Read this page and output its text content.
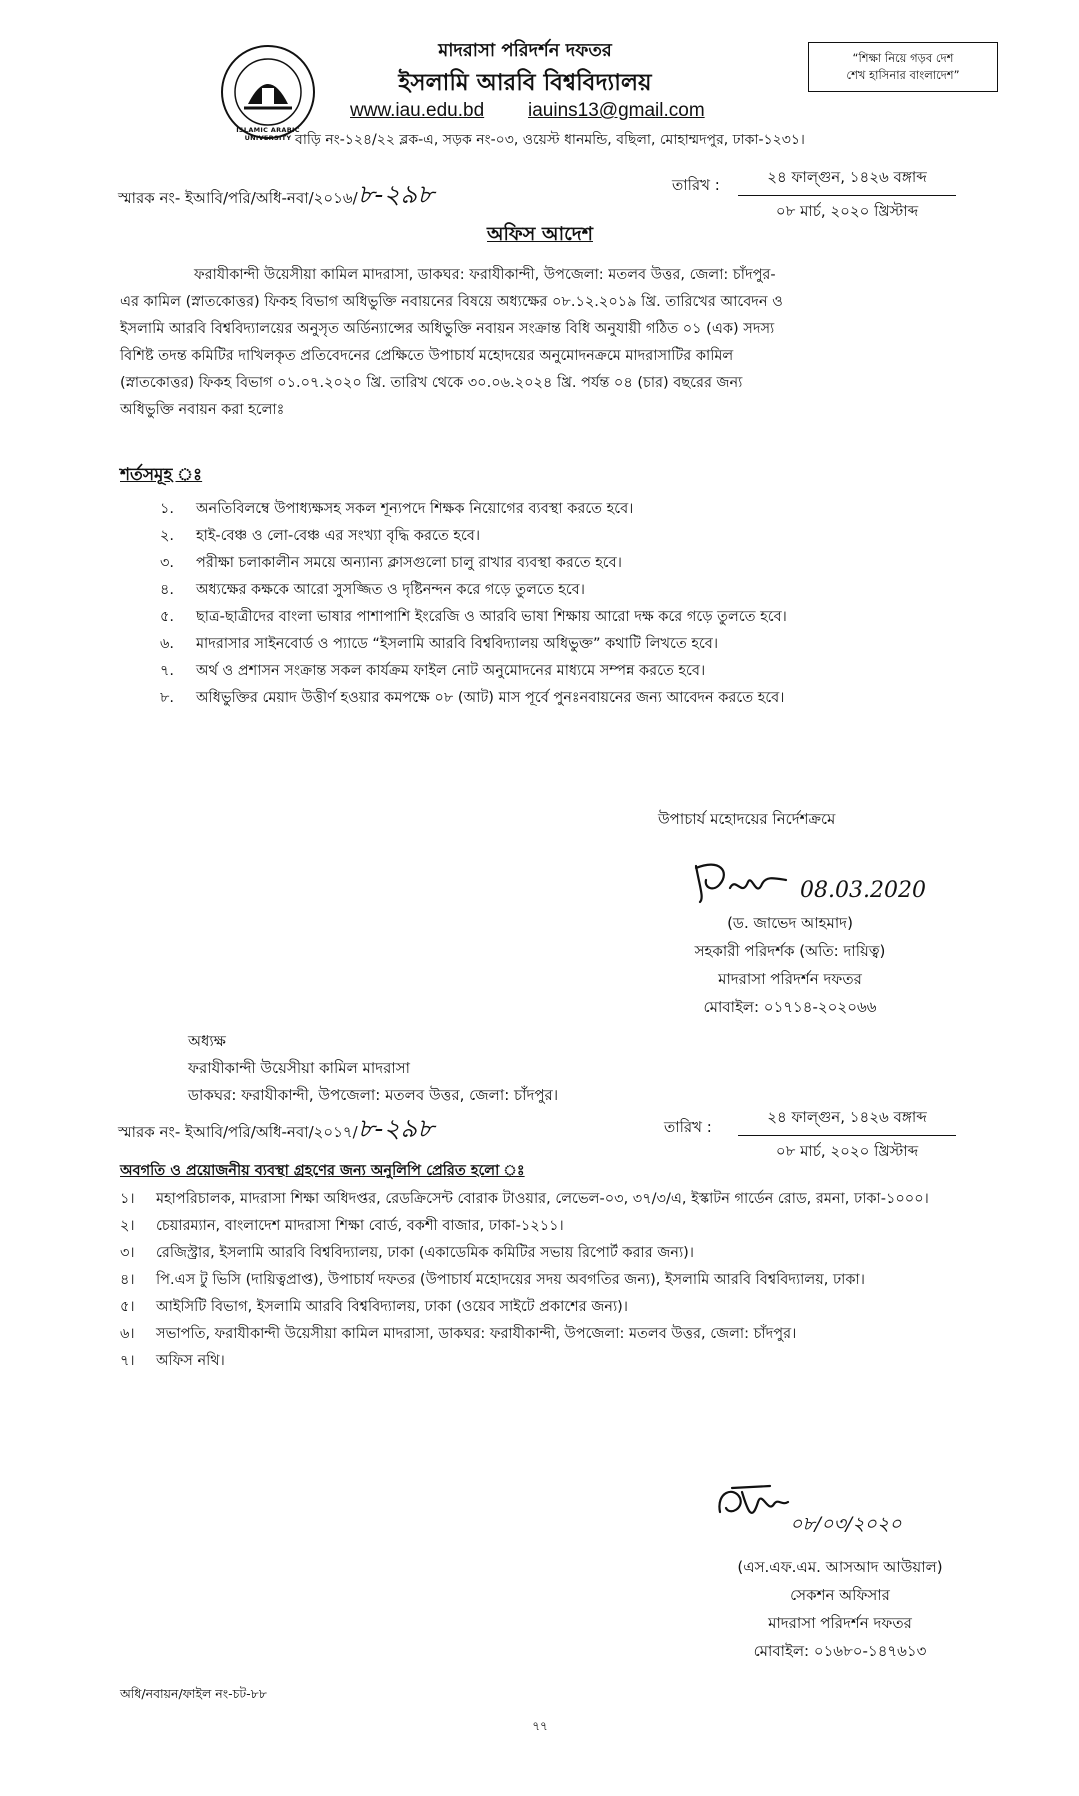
ISLAMIC ARABIC UNIVERSITY
মাদরাসা পরিদর্শন দফতর
ইসলামি আরবি বিশ্ববিদ্যালয়
www.iau.edu.bd iauins13@gmail.com
বাড়ি নং-১২৪/২২ ব্লক-এ, সড়ক নং-০৩, ওয়েস্ট ধানমন্ডি, বছিলা, মোহাম্মদপুর, ঢাকা-১২৩১।
“শিক্ষা নিয়ে গড়ব দেশ
শেখ হাসিনার বাংলাদেশ”
স্মারক নং- ইআবি/পরি/অধি-নবা/২০১৬/৮-২৯৮	তারিখ :	২৪ ফাল্গুন, ১৪২৬ বঙ্গাব্দ
০৮ মার্চ, ২০২০ খ্রিস্টাব্দ
অফিস আদেশ
ফরাযীকান্দী উয়েসীয়া কামিল মাদরাসা, ডাকঘর: ফরাযীকান্দী, উপজেলা: মতলব উত্তর, জেলা: চাঁদপুর-
এর কামিল (স্নাতকোত্তর) ফিকহ বিভাগ অধিভুক্তি নবায়নের বিষয়ে অধ্যক্ষের ০৮.১২.২০১৯ খ্রি. তারিখের আবেদন ও
ইসলামি আরবি বিশ্ববিদ্যালয়ের অনুসৃত অর্ডিন্যান্সের অধিভুক্তি নবায়ন সংক্রান্ত বিধি অনুযায়ী গঠিত ০১ (এক) সদস্য
বিশিষ্ট তদন্ত কমিটির দাখিলকৃত প্রতিবেদনের প্রেক্ষিতে উপাচার্য মহোদয়ের অনুমোদনক্রমে মাদরাসাটির কামিল
(স্নাতকোত্তর) ফিকহ বিভাগ ০১.০৭.২০২০ খ্রি. তারিখ থেকে ৩০.০৬.২০২৪ খ্রি. পর্যন্ত ০৪ (চার) বছরের জন্য
অধিভুক্তি নবায়ন করা হলোঃ
শর্তসমূহ ঃ
১.	অনতিবিলম্বে উপাধ্যক্ষসহ সকল শূন্যপদে শিক্ষক নিয়োগের ব্যবস্থা করতে হবে।
২.	হাই-বেঞ্চ ও লো-বেঞ্চ এর সংখ্যা বৃদ্ধি করতে হবে।
৩.	পরীক্ষা চলাকালীন সময়ে অন্যান্য ক্লাসগুলো চালু রাখার ব্যবস্থা করতে হবে।
৪.	অধ্যক্ষের কক্ষকে আরো সুসজ্জিত ও দৃষ্টিনন্দন করে গড়ে তুলতে হবে।
৫.	ছাত্র-ছাত্রীদের বাংলা ভাষার পাশাপাশি ইংরেজি ও আরবি ভাষা শিক্ষায় আরো দক্ষ করে গড়ে তুলতে হবে।
৬.	মাদরাসার সাইনবোর্ড ও প্যাডে “ইসলামি আরবি বিশ্ববিদ্যালয় অধিভুক্ত” কথাটি লিখতে হবে।
৭.	অর্থ ও প্রশাসন সংক্রান্ত সকল কার্যক্রম ফাইল নোট অনুমোদনের মাধ্যমে সম্পন্ন করতে হবে।
৮.	অধিভুক্তির মেয়াদ উত্তীর্ণ হওয়ার কমপক্ষে ০৮ (আট) মাস পূর্বে পুনঃনবায়নের জন্য আবেদন করতে হবে।
উপাচার্য মহোদয়ের নির্দেশক্রমে
08.03.2020
(ড. জাভেদ আহমাদ)
সহকারী পরিদর্শক (অতি: দায়িত্ব)
মাদরাসা পরিদর্শন দফতর
মোবাইল: ০১৭১৪-২০২০৬৬
অধ্যক্ষ
ফরাযীকান্দী উয়েসীয়া কামিল মাদরাসা
ডাকঘর: ফরাযীকান্দী, উপজেলা: মতলব উত্তর, জেলা: চাঁদপুর।
স্মারক নং- ইআবি/পরি/অধি-নবা/২০১৭/৮-২৯৮	তারিখ :
২৪ ফাল্গুন, ১৪২৬ বঙ্গাব্দ
০৮ মার্চ, ২০২০ খ্রিস্টাব্দ
অবগতি ও প্রয়োজনীয় ব্যবস্থা গ্রহণের জন্য অনুলিপি প্রেরিত হলো ঃ
১।	মহাপরিচালক, মাদরাসা শিক্ষা অধিদপ্তর, রেডক্রিসেন্ট বোরাক টাওয়ার, লেভেল-০৩, ৩৭/৩/এ, ইস্কাটন গার্ডেন রোড, রমনা, ঢাকা-১০০০।
২।	চেয়ারম্যান, বাংলাদেশ মাদরাসা শিক্ষা বোর্ড, বকশী বাজার, ঢাকা-১২১১।
৩।	রেজিস্ট্রার, ইসলামি আরবি বিশ্ববিদ্যালয়, ঢাকা (একাডেমিক কমিটির সভায় রিপোর্ট করার জন্য)।
৪।	পি.এস টু ভিসি (দায়িত্বপ্রাপ্ত), উপাচার্য দফতর (উপাচার্য মহোদয়ের সদয় অবগতির জন্য), ইসলামি আরবি বিশ্ববিদ্যালয়, ঢাকা।
৫।	আইসিটি বিভাগ, ইসলামি আরবি বিশ্ববিদ্যালয়, ঢাকা (ওয়েব সাইটে প্রকাশের জন্য)।
৬।	সভাপতি, ফরাযীকান্দী উয়েসীয়া কামিল মাদরাসা, ডাকঘর: ফরাযীকান্দী, উপজেলা: মতলব উত্তর, জেলা: চাঁদপুর।
৭।	অফিস নথি।
০৮/০৩/২০২০
(এস.এফ.এম. আসআদ আউয়াল)
সেকশন অফিসার
মাদরাসা পরিদর্শন দফতর
মোবাইল: ০১৬৮০-১৪৭৬১৩
অধি/নবায়ন/ফাইল নং-চট-৮৮
৭৭
